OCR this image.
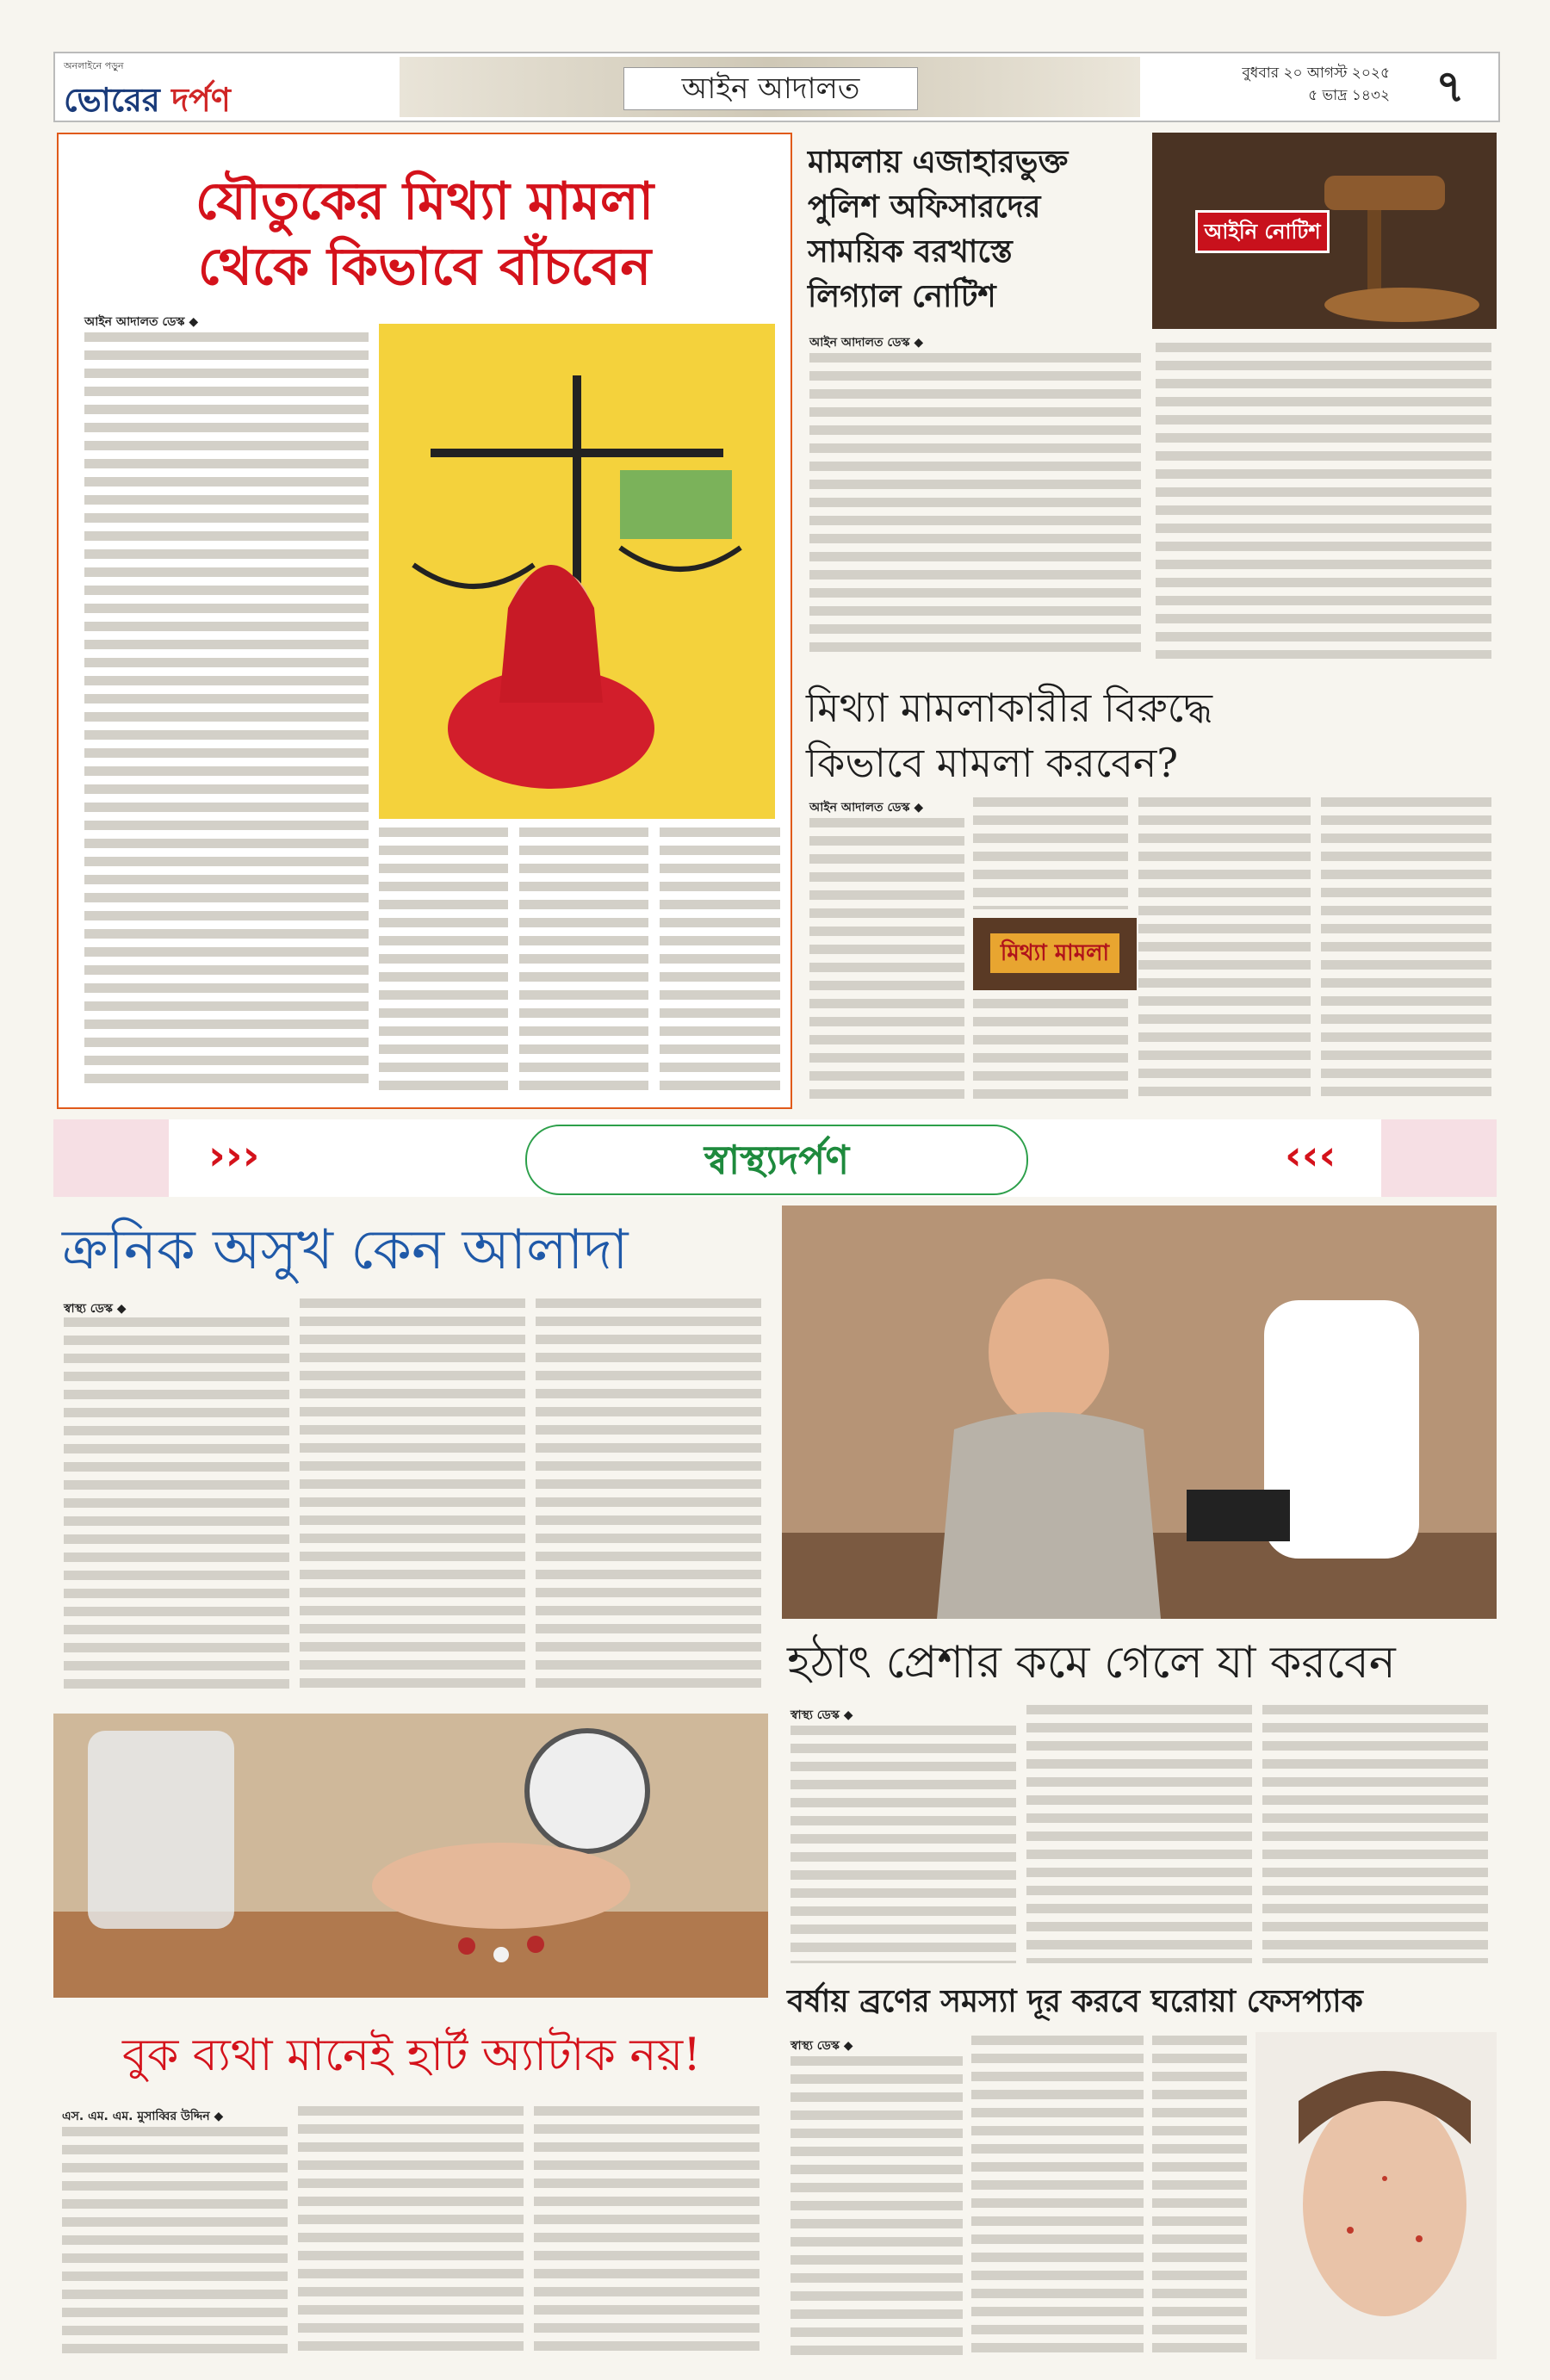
অনলাইনে পড়ুন
ভোরের দর্পণ	আইন আদালত	বুধবার ২০ আগস্ট ২০২৫
৫ ভাদ্র ১৪৩২	৭
যৌতুকের মিথ্যা মামলা
থেকে কিভাবে বাঁচবেন
আইন আদালত ডেস্ক ◆
মামলায় এজাহারভুক্ত
পুলিশ অফিসারদের
সাময়িক বরখাস্তে
লিগ্যাল নোটিশ
আইনি নোটিশ
আইন আদালত ডেস্ক ◆
মিথ্যা মামলাকারীর বিরুদ্ধে
কিভাবে মামলা করবেন?
আইন আদালত ডেস্ক ◆
মিথ্যা মামলা
›››	স্বাস্থ্যদর্পণ	‹‹‹
ক্রনিক অসুখ কেন আলাদা
স্বাস্থ্য ডেস্ক ◆
বুক ব্যথা মানেই হার্ট অ্যাটাক নয়!
এস. এম. এম. মুসাব্বির উদ্দিন ◆
হঠাৎ প্রেশার কমে গেলে যা করবেন
স্বাস্থ্য ডেস্ক ◆
বর্ষায় ব্রণের সমস্যা দূর করবে ঘরোয়া ফেসপ্যাক
স্বাস্থ্য ডেস্ক ◆
